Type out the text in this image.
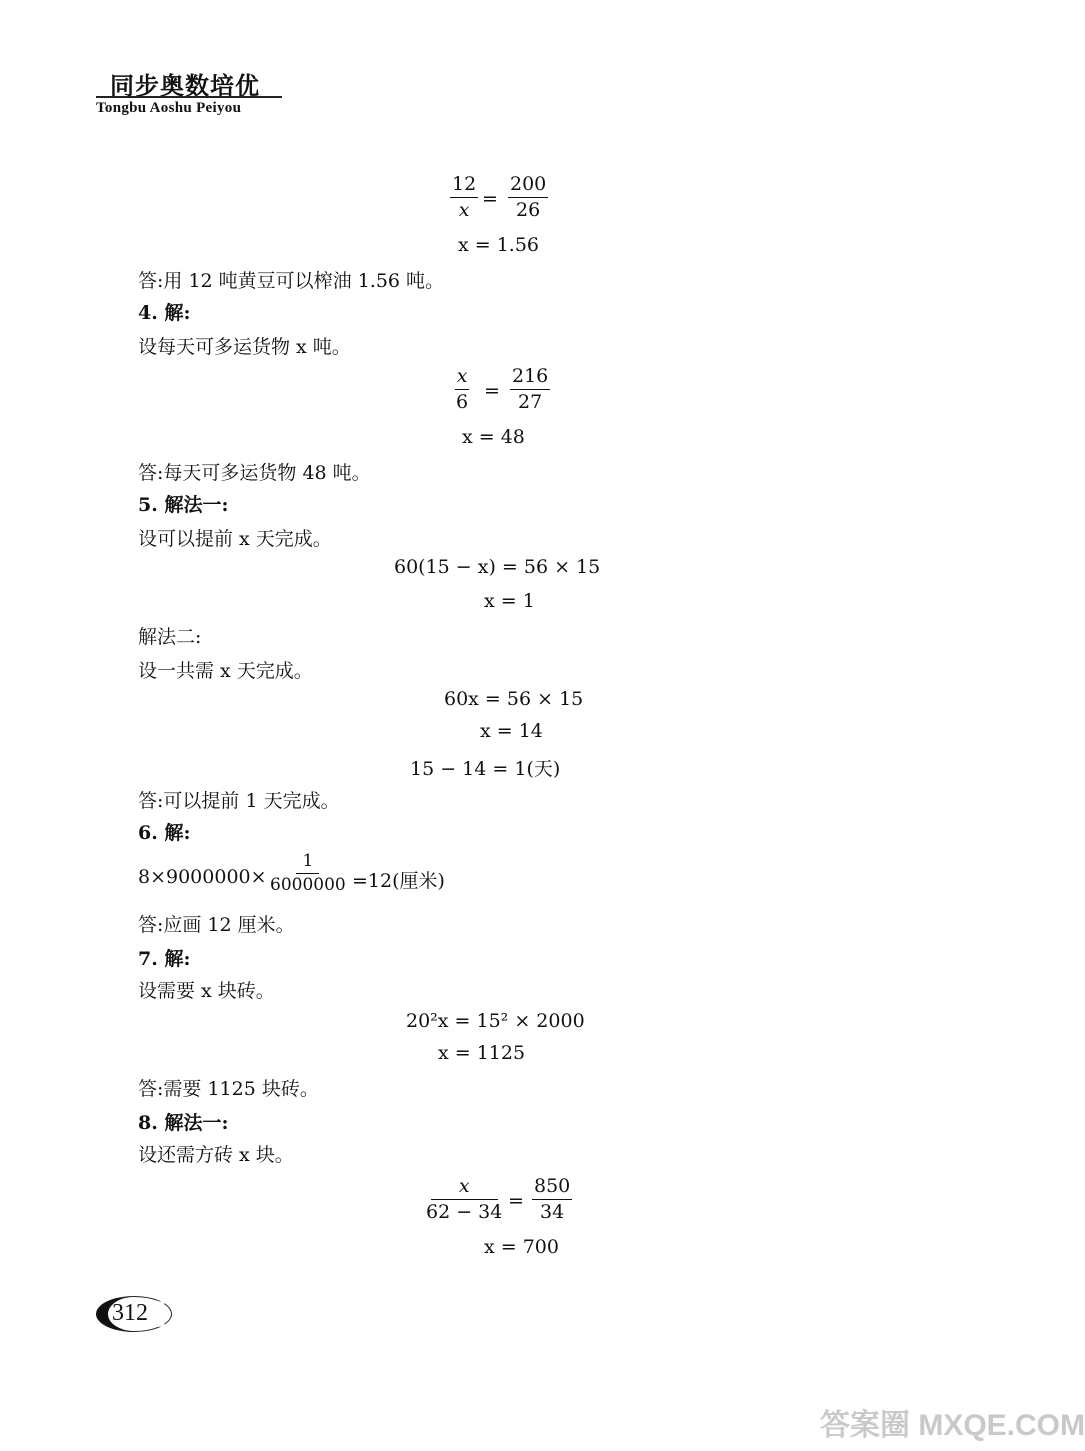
同步奥数培优
Tongbu Aoshu Peiyou
$\frac{12}{x} = \frac{200}{26}$
x = 1.56
答:用 12 吨黄豆可以榨油 1.56 吨。
4. 解:
设每天可多运货物 x 吨。
$\frac{x}{6} = \frac{216}{27}$
x = 48
答:每天可多运货物 48 吨。
5. 解法一:
设可以提前 x 天完成。
60(15 − x) = 56 × 15
x = 1
解法二:
设一共需 x 天完成。
60x = 56 × 15
x = 14
15 − 14 = 1(天)
答:可以提前 1 天完成。
6. 解:
$8\times 9000000\times \frac{1}{6000000} =12$(厘米)
答:应画 12 厘米。
7. 解:
设需要 x 块砖。
20²x = 15² × 2000
x = 1125
答:需要 1125 块砖。
8. 解法一:
设还需方砖 x 块。
$\frac{x}{62 - 34} = \frac{850}{34}$
x = 700
312
答案圈 MXQE.COM
